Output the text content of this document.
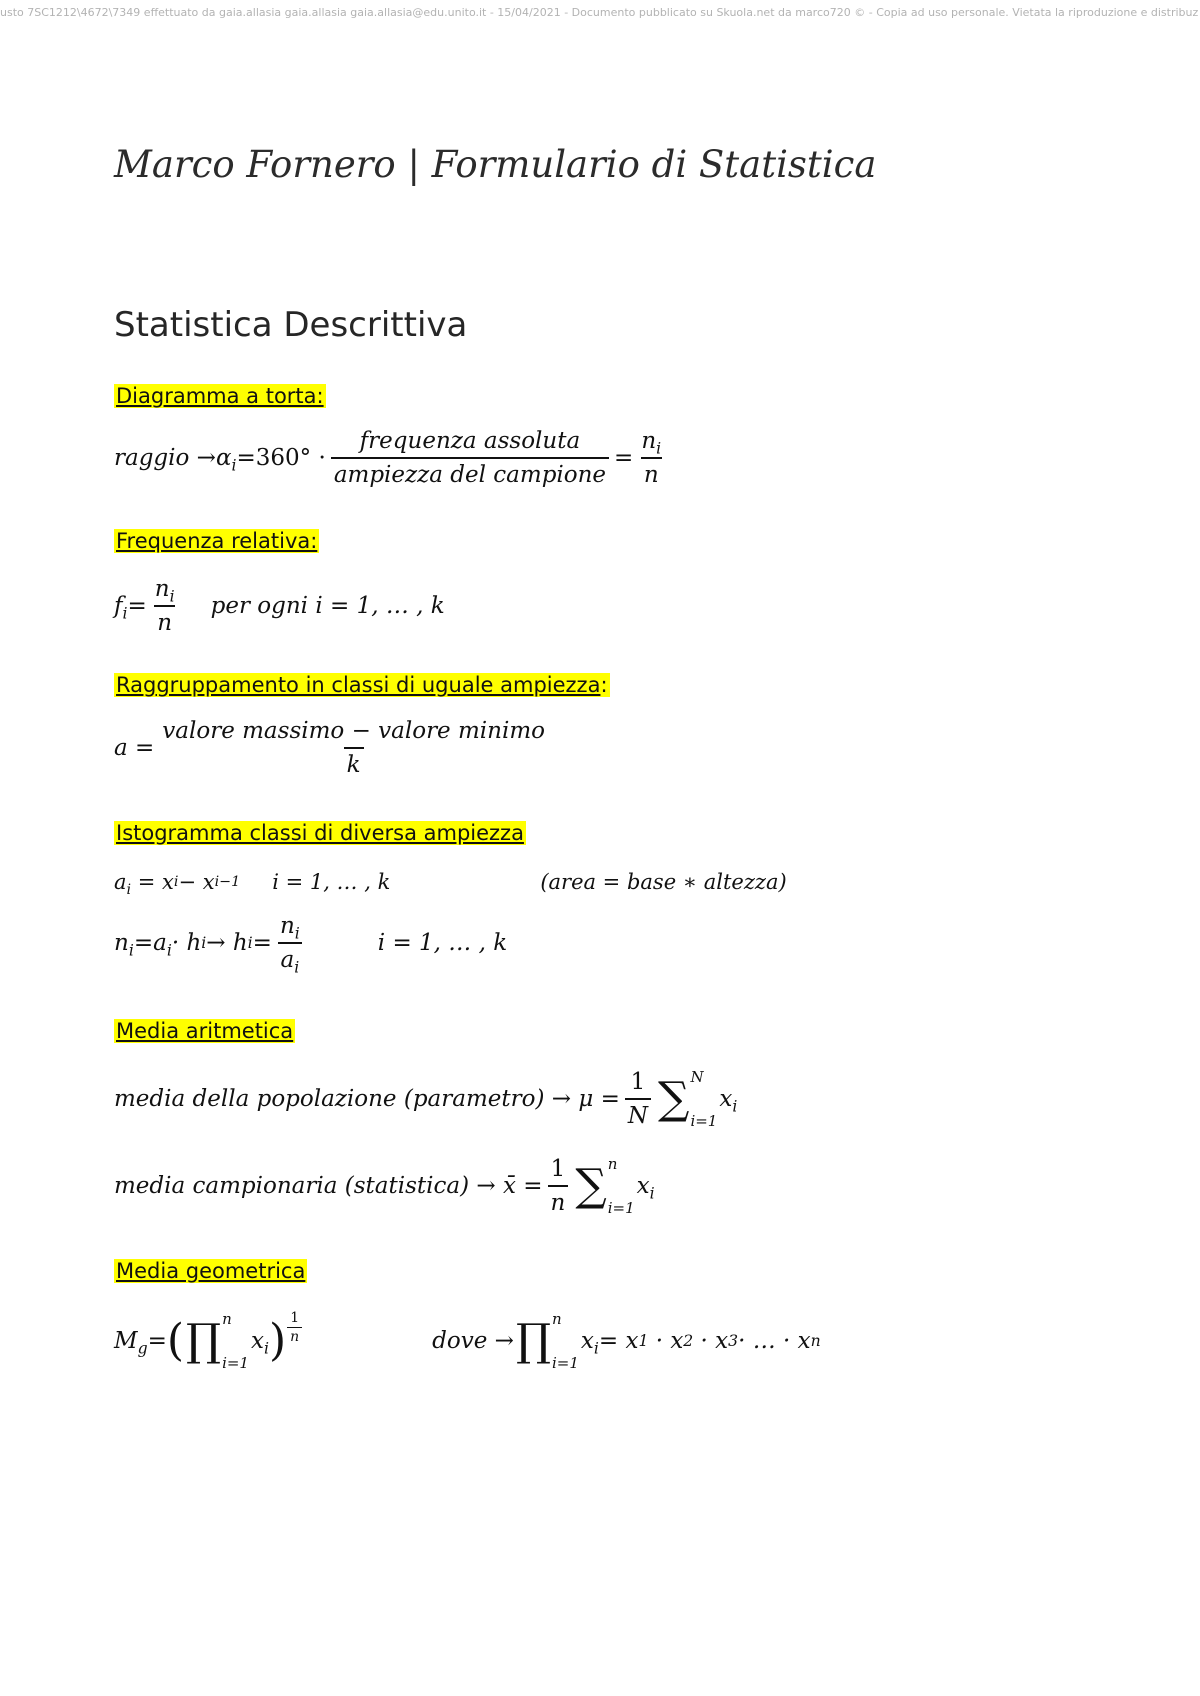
usto 7SC1212\4672\7349 effettuato da gaia.allasia gaia.allasia gaia.allasia@edu.unito.it - 15/04/2021 - Documento pubblicato su Skuola.net da marco720 © - Copia ad uso personale. Vietata la riproduzione e distribuz
Marco Fornero | Formulario di Statistica
Statistica Descrittiva
Diagramma a torta:
raggio → $\alpha_i = 360^\circ \cdot \frac{\text{frequenza assoluta}}{\text{ampiezza del campione}} = \frac{n_i}{n}$
Frequenza relativa:
$f_i = \frac{n_i}{n}$ per ogni i = 1, … , k
Raggruppamento in classi di uguale ampiezza:
$a = \frac{\text{valore massimo − valore minimo}}{k}$
Istogramma classi di diversa ampiezza
$a_i$
= x i − x i−1 i = 1, … , k	(area = base ∗ altezza)
$n_i = a_i \cdot h$ i → h $i = \frac{n_i}{a_i}$	i = 1, … , k
Media aritmetica
media della popolazione (parametro) → $\mu = \frac{1}{N}$ ∑ N
i=1
$x_i$
media campionaria (statistica) → x̄ = $\frac{1}{n}$ ∑ n
i=1
$x_i$
Media geometrica
$M_g$ = ( ∏ n
i=1
$x_i$ ) $\frac{1}{n}$	dove → ∏ n
i=1
$x_i = x$ 1 · x 2 · x 3 · … · x n
